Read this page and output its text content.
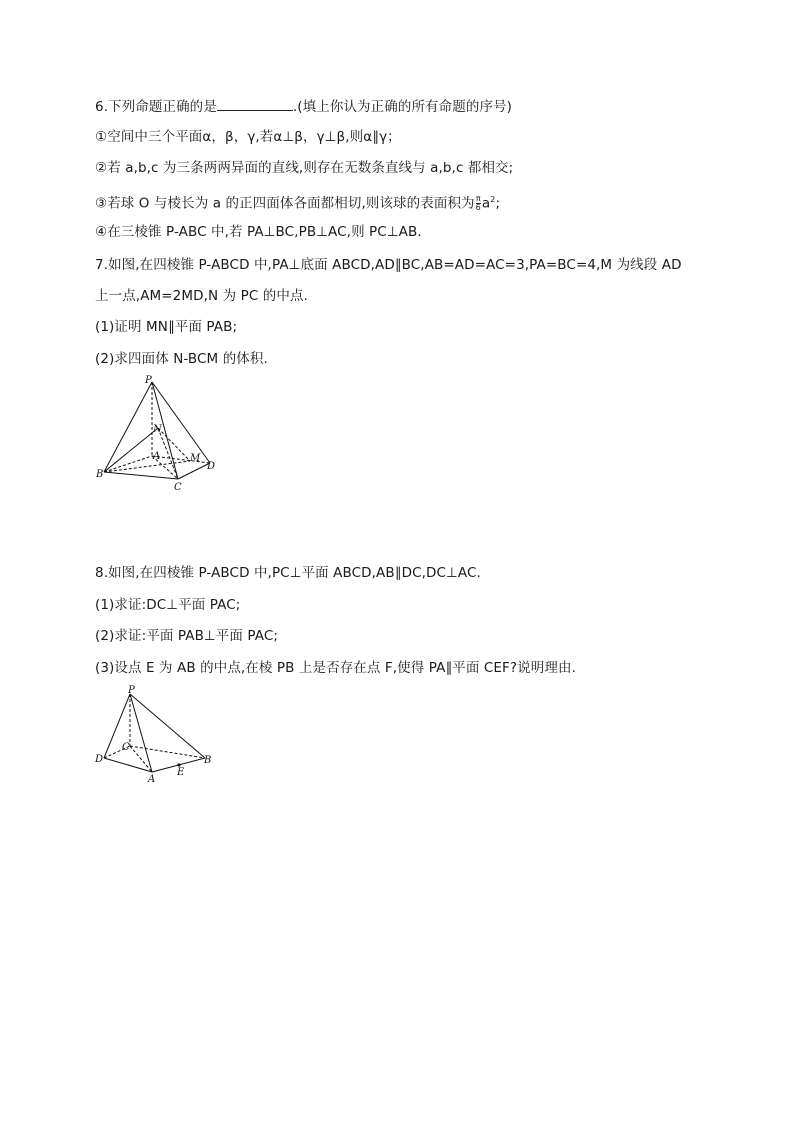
6.下列命题正确的是	.(填上你认为正确的所有命题的序号)
①空间中三个平面α，β，γ,若α⊥β，γ⊥β,则α∥γ；
②若 a,b,c 为三条两两异面的直线,则存在无数条直线与 a,b,c 都相交;
③若球 O 与棱长为 a 的正四面体各面都相切,则该球的表面积为 $\frac{\pi}{6} a^2$;
④在三棱锥 P-ABC 中,若 PA⊥BC,PB⊥AC,则 PC⊥AB.
7.如图,在四棱锥 P-ABCD 中,PA⊥底面 ABCD,AD∥BC,AB=AD=AC=3,PA=BC=4,M 为线段 AD
上一点,AM=2MD,N 为 PC 的中点.
(1)证明 MN∥平面 PAB;
(2)求四面体 N-BCM 的体积.
P
N
A	M
D
B
C
8.如图,在四棱锥 P-ABCD 中,PC⊥平面 ABCD,AB∥DC,DC⊥AC.
(1)求证:DC⊥平面 PAC;
(2)求证:平面 PAB⊥平面 PAC;
(3)设点 E 为 AB 的中点,在棱 PB 上是否存在点 F,使得 PA∥平面 CEF?说明理由.
P
C
D
A
E
B
